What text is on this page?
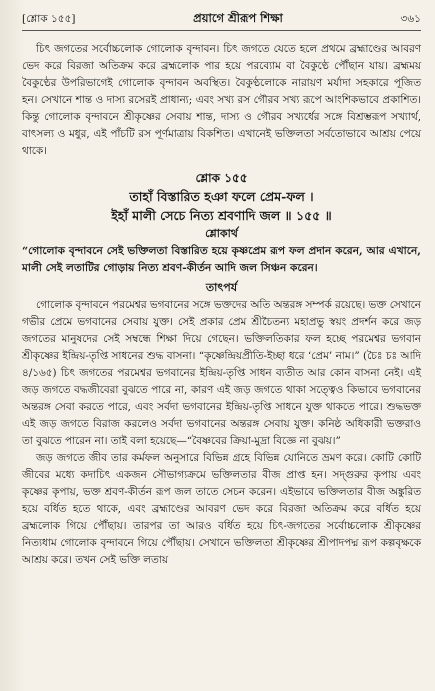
[শ্লোক ১৫৫]	প্রয়াগে শ্রীরূপ শিক্ষা	৩৬১

চিৎ জগতের সর্বোচ্চলোক গোলোক বৃন্দাবন। চিৎ জগতে যেতে হলে প্রথমে ব্রহ্মাণ্ডের আবরণ ভেদ করে বিরজা অতিক্রম করে ব্রহ্মলোক পার হয়ে পরব্যোম বা বৈকুণ্ঠে পৌঁছান যায়। ব্রহ্মময় বৈকুণ্ঠের উপরিভাগেই গোলোক বৃন্দাবন অবস্থিত। বৈকুণ্ঠলোকে নারায়ণ মর্যাদা সহকারে পূজিত হন। সেখানে শান্ত ও দাস্য রসেরই প্রাধান্য; এবং সখ্য রস গৌরব সখ্য রূপে আংশিকভাবে প্রকাশিত। কিন্তু গোলোক বৃন্দাবনে শ্রীকৃষ্ণের সেবায় শান্ত, দাস্য ও গৌরব সখ্যর্ধের সঙ্গে বিশ্রম্ভরূপ সখ্যার্থ, বাৎসল্য ও মধুর, এই পাঁচটি রস পূর্ণমাত্রায় বিকশিত। এখানেই ভক্তিলতা সর্বতোভাবে আশ্রয় পেয়ে থাকে।

শ্লোক ১৫৫
তাহাঁ বিস্তারিত হঞা ফলে প্রেম-ফল ।
ইহাঁ মালী সেচে নিত্য শ্রবণাদি জল ॥ ১৫৫ ॥
শ্লোকার্থ

“গোলোক বৃন্দাবনে সেই ভক্তিলতা বিস্তারিত হয়ে কৃষ্ণপ্রেম রূপ ফল প্রদান করেন, আর এখানে, মালী সেই লতাটির গোড়ায় নিত্য শ্রবণ-কীর্তন আদি জল সিঞ্চন করেন।

তাৎপর্য

গোলোক বৃন্দাবনে পরমেশ্বর ভগবানের সঙ্গে ভক্তদের অতি অন্তরঙ্গ সম্পর্ক রয়েছে। ভক্ত সেখানে গভীর প্রেমে ভগবানের সেবায় যুক্ত। সেই প্রকার প্রেম শ্রীচৈতন্য মহাপ্রভু স্বয়ং প্রদর্শন করে জড় জগতের মানুষদের সেই সম্বন্ধে শিক্ষা দিয়ে গেছেন। ভক্তিলতিকার ফল হচ্ছে পরমেশ্বর ভগবান শ্রীকৃষ্ণের ইন্দ্রিয়-তৃপ্তি সাধনের শুদ্ধ বাসনা। “কৃষ্ণেন্দ্রিয়প্রীতি-ইচ্ছা ধরে ‘প্রেম’ নাম।” (চৈঃ চঃ আদি ৪/১৬৫) চিৎ জগতের পরমেশ্বর ভগবানের ইন্দ্রিয়-তৃপ্তি সাধন ব্যতীত আর কোন বাসনা নেই। এই জড় জগতে বদ্ধজীবেরা বুঝতে পারে না, কারণ এই জড় জগতে থাকা সত্ত্বেও কিভাবে ভগবানের অন্তরঙ্গ সেবা করতে পারে, এবং সর্বদা ভগবানের ইন্দ্রিয়-তৃপ্তি সাধনে যুক্ত থাকতে পারে। শুদ্ধভক্ত এই জড় জগতে বিরাজ করলেও সর্বদা ভগবানের অন্তরঙ্গ সেবায় যুক্ত। কনিষ্ঠ অধিকারী ভক্তরাও তা বুঝতে পারেন না। তাই বলা হয়েছে—“বৈষ্ণবের ক্রিয়া-মুদ্রা বিজ্ঞে না বুঝয়।”

জড় জগতে জীব তার কর্মফল অনুসারে বিভিন্ন গ্রহে বিভিন্ন যোনিতে ভ্রমণ করে। কোটি কোটি জীবের মধ্যে কদাচিৎ একজন সৌভাগ্যক্রমে ভক্তিলতার বীজ প্রাপ্ত হন। সদ্গুরুর কৃপায় এবং কৃষ্ণের কৃপায়, ভক্ত শ্রবণ-কীর্তন রূপ জল তাতে সেচন করেন। এইভাবে ভক্তিলতার বীজ অঙ্কুরিত হয়ে বর্ধিত হতে থাকে, এবং ব্রহ্মাণ্ডের আবরণ ভেদ করে বিরজা অতিক্রম করে বর্ধিত হয়ে ব্রহ্মলোক গিয়ে পৌঁছায়। তারপর তা আরও বর্ধিত হয়ে চিৎ-জগতের সর্বোচ্চলোক শ্রীকৃষ্ণের নিত্যধাম গোলোক বৃন্দাবনে গিয়ে পৌঁছায়। সেখানে ভক্তিলতা শ্রীকৃষ্ণের শ্রীপাদপদ্ম রূপ কল্পবৃক্ষকে আশ্রয় করে। তখন সেই ভক্তি লতায়
